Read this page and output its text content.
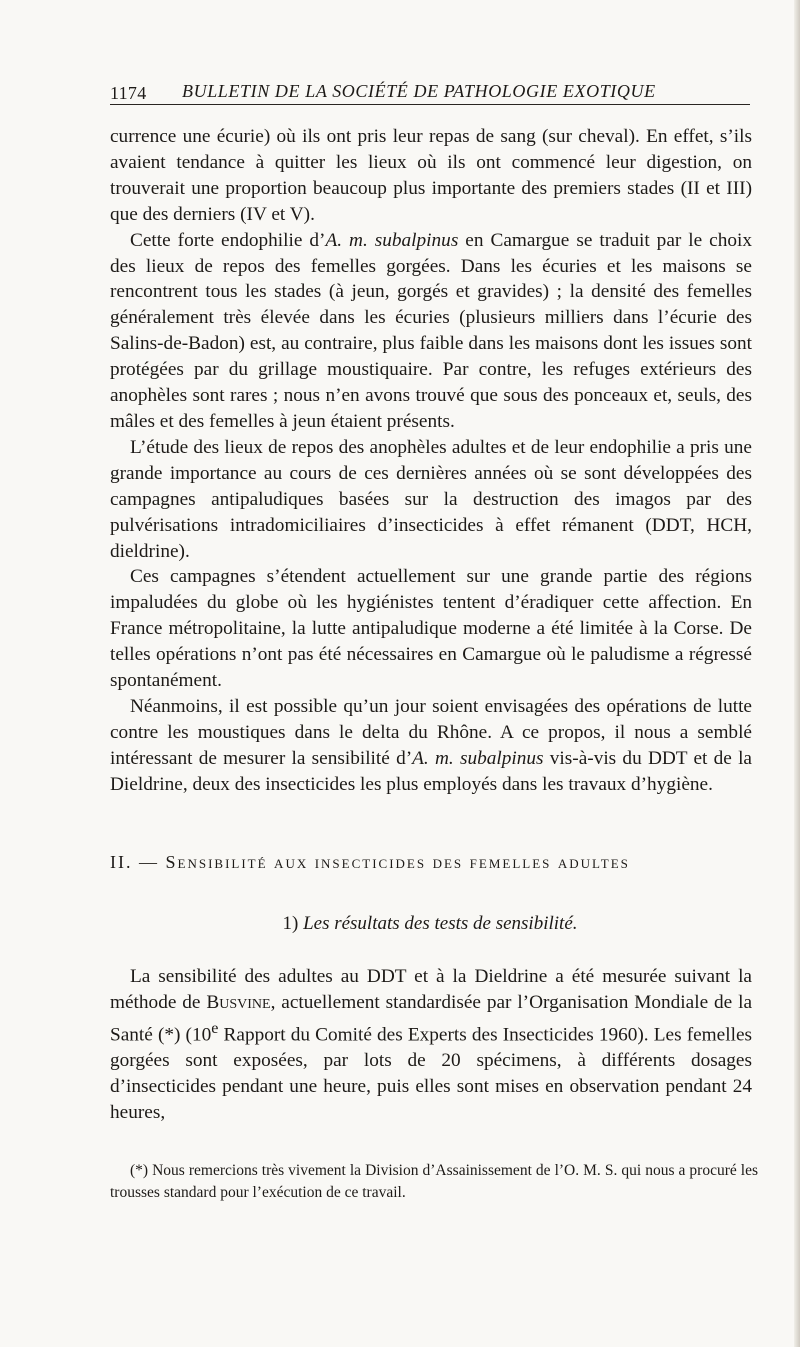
1174 BULLETIN DE LA SOCIÉTÉ DE PATHOLOGIE EXOTIQUE

currence une écurie) où ils ont pris leur repas de sang (sur cheval). En effet, s’ils avaient tendance à quitter les lieux où ils ont commencé leur digestion, on trouverait une proportion beaucoup plus importante des premiers stades (II et III) que des derniers (IV et V).

Cette forte endophilie d’A. m. subalpinus en Camargue se traduit par le choix des lieux de repos des femelles gorgées. Dans les écuries et les maisons se rencontrent tous les stades (à jeun, gorgés et gravides) ; la densité des femelles généralement très élevée dans les écuries (plusieurs milliers dans l’écurie des Salins-de-Badon) est, au contraire, plus faible dans les maisons dont les issues sont protégées par du grillage moustiquaire. Par contre, les refuges extérieurs des anophèles sont rares ; nous n’en avons trouvé que sous des ponceaux et, seuls, des mâles et des femelles à jeun étaient présents.

L’étude des lieux de repos des anophèles adultes et de leur endophilie a pris une grande importance au cours de ces dernières années où se sont développées des campagnes antipaludiques basées sur la destruction des imagos par des pulvérisations intradomiciliaires d’insecticides à effet rémanent (DDT, HCH, dieldrine).

Ces campagnes s’étendent actuellement sur une grande partie des régions impaludées du globe où les hygiénistes tentent d’éradiquer cette affection. En France métropolitaine, la lutte antipaludique moderne a été limitée à la Corse. De telles opérations n’ont pas été nécessaires en Camargue où le paludisme a régressé spontanément.

Néanmoins, il est possible qu’un jour soient envisagées des opérations de lutte contre les moustiques dans le delta du Rhône. A ce propos, il nous a semblé intéressant de mesurer la sensibilité d’A. m. subalpinus vis-à-vis du DDT et de la Dieldrine, deux des insecticides les plus employés dans les travaux d’hygiène.

II. — Sensibilité aux insecticides des femelles adultes
1) Les résultats des tests de sensibilité.

La sensibilité des adultes au DDT et à la Dieldrine a été mesurée suivant la méthode de Busvine, actuellement standardisée par l’Organisation Mondiale de la Santé (*) (10e Rapport du Comité des Experts des Insecticides 1960). Les femelles gorgées sont exposées, par lots de 20 spécimens, à différents dosages d’insecticides pendant une heure, puis elles sont mises en observation pendant 24 heures,

(*) Nous remercions très vivement la Division d’Assainissement de l’O. M. S. qui nous a procuré les trousses standard pour l’exécution de ce travail.
